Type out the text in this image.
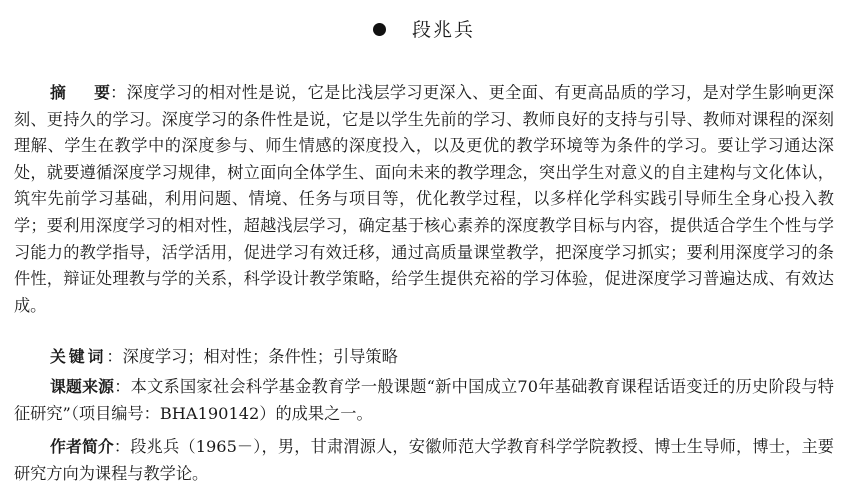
段兆兵
摘要：深度学习的相对性是说，它是比浅层学习更深入、更全面、有更高品质的学习，是对学生影响更深刻、更持久的学习。深度学习的条件性是说，它是以学生先前的学习、教师良好的支持与引导、教师对课程的深刻理解、学生在教学中的深度参与、师生情感的深度投入，以及更优的教学环境等为条件的学习。要让学习通达深处，就要遵循深度学习规律，树立面向全体学生、面向未来的教学理念，突出学生对意义的自主建构与文化体认，筑牢先前学习基础，利用问题、情境、任务与项目等，优化教学过程，以多样化学科实践引导师生全身心投入教学；要利用深度学习的相对性，超越浅层学习，确定基于核心素养的深度教学目标与内容，提供适合学生个性与学习能力的教学指导，活学活用，促进学习有效迁移，通过高质量课堂教学，把深度学习抓实；要利用深度学习的条件性，辩证处理教与学的关系，科学设计教学策略，给学生提供充裕的学习体验，促进深度学习普遍达成、有效达成。
关键词：深度学习；相对性；条件性；引导策略
课题来源：本文系国家社会科学基金教育学一般课题“新中国成立70年基础教育课程话语变迁的历史阶段与特征研究”（项目编号：BHA190142）的成果之一。
作者简介：段兆兵（1965－），男，甘肃渭源人，安徽师范大学教育科学学院教授、博士生导师，博士，主要研究方向为课程与教学论。
